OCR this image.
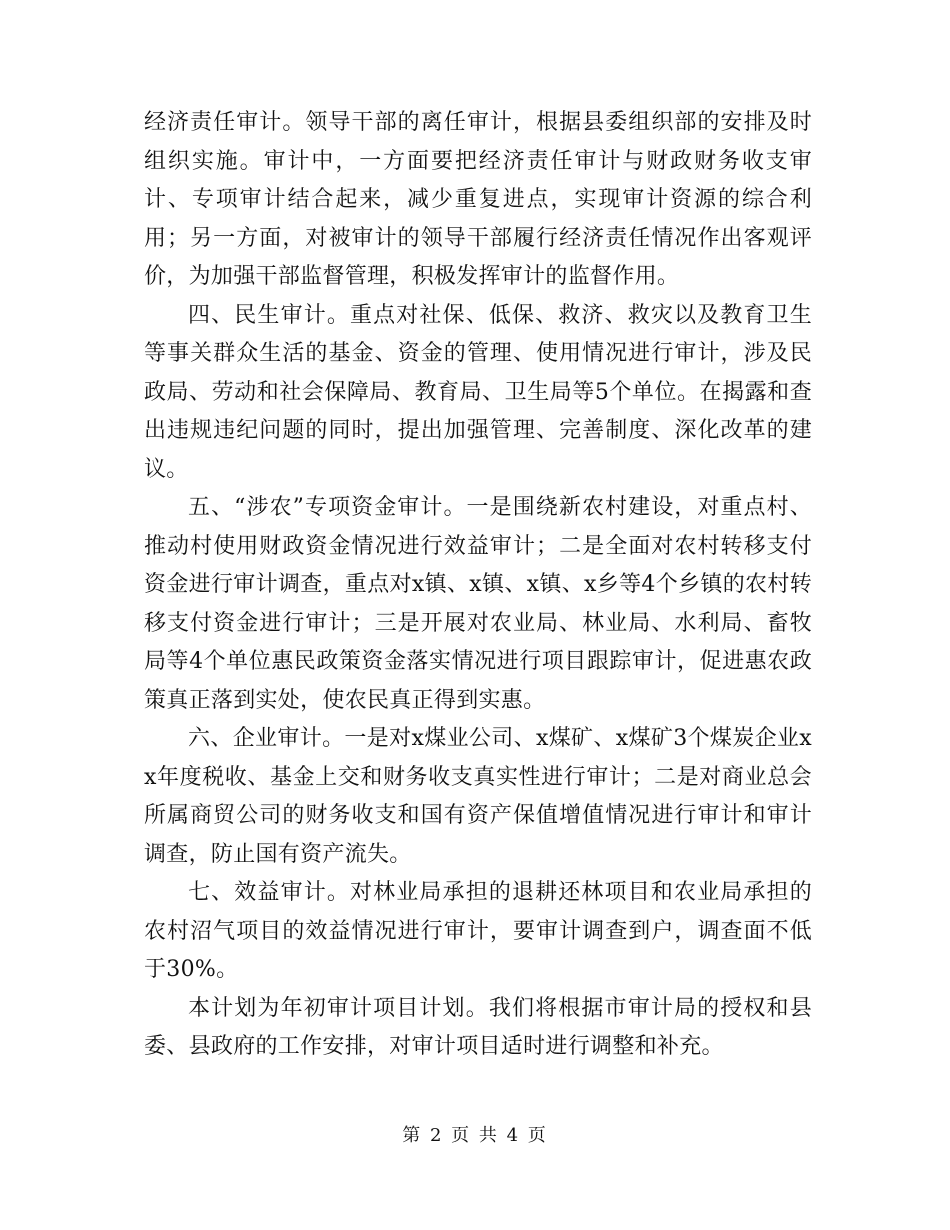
经济责任审计。领导干部的离任审计，根据县委组织部的安排及时组织实施。审计中，一方面要把经济责任审计与财政财务收支审计、专项审计结合起来，减少重复进点，实现审计资源的综合利用；另一方面，对被审计的领导干部履行经济责任情况作出客观评价，为加强干部监督管理，积极发挥审计的监督作用。

四、民生审计。重点对社保、低保、救济、救灾以及教育卫生等事关群众生活的基金、资金的管理、使用情况进行审计，涉及民政局、劳动和社会保障局、教育局、卫生局等5个单位。在揭露和查出违规违纪问题的同时，提出加强管理、完善制度、深化改革的建议。

五、“涉农”专项资金审计。一是围绕新农村建设，对重点村、推动村使用财政资金情况进行效益审计；二是全面对农村转移支付资金进行审计调查，重点对x镇、x镇、x镇、x乡等4个乡镇的农村转移支付资金进行审计；三是开展对农业局、林业局、水利局、畜牧局等4个单位惠民政策资金落实情况进行项目跟踪审计，促进惠农政策真正落到实处，使农民真正得到实惠。

六、企业审计。一是对x煤业公司、x煤矿、x煤矿3个煤炭企业xx年度税收、基金上交和财务收支真实性进行审计；二是对商业总会所属商贸公司的财务收支和国有资产保值增值情况进行审计和审计调查，防止国有资产流失。

七、效益审计。对林业局承担的退耕还林项目和农业局承担的农村沼气项目的效益情况进行审计，要审计调查到户，调查面不低于30%。

本计划为年初审计项目计划。我们将根据市审计局的授权和县委、县政府的工作安排，对审计项目适时进行调整和补充。

第 2 页 共 4 页
